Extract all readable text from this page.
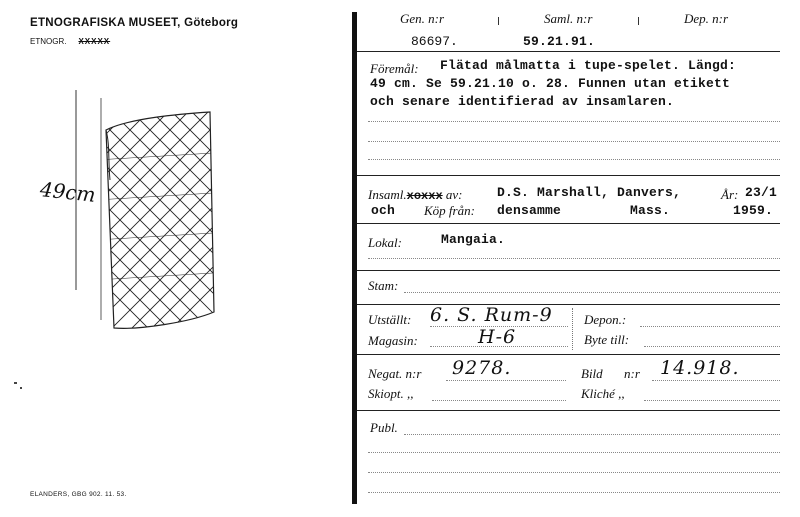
ETNOGRAFISKA MUSEET, Göteborg
ETNOGR. XXXXX
49cm
ELANDERS, GBG 902. 11. 53.
Gen. n:r	Saml. n:r	Dep. n:r
86697.	59.21.91.
Föremål: Flätad målmatta i tupe-spelet. Längd:
49 cm. Se 59.21.10 o. 28. Funnen utan etikett
och senare identifierad av insamlaren.
Insaml.xoxxx av:	D.S. Marshall, Danvers,	År: 23/1
och Köp från: densamme	Mass.	1959.
Lokal:	Mangaia.
Stam:
Utställt: 6. S. Rum-9
Magasin:	H-6
Depon.:
Byte till:
Negat. n:r 9278.	Bild n:r 14.918.
Skiopt. ,,	Kliché ,,
Publ.
